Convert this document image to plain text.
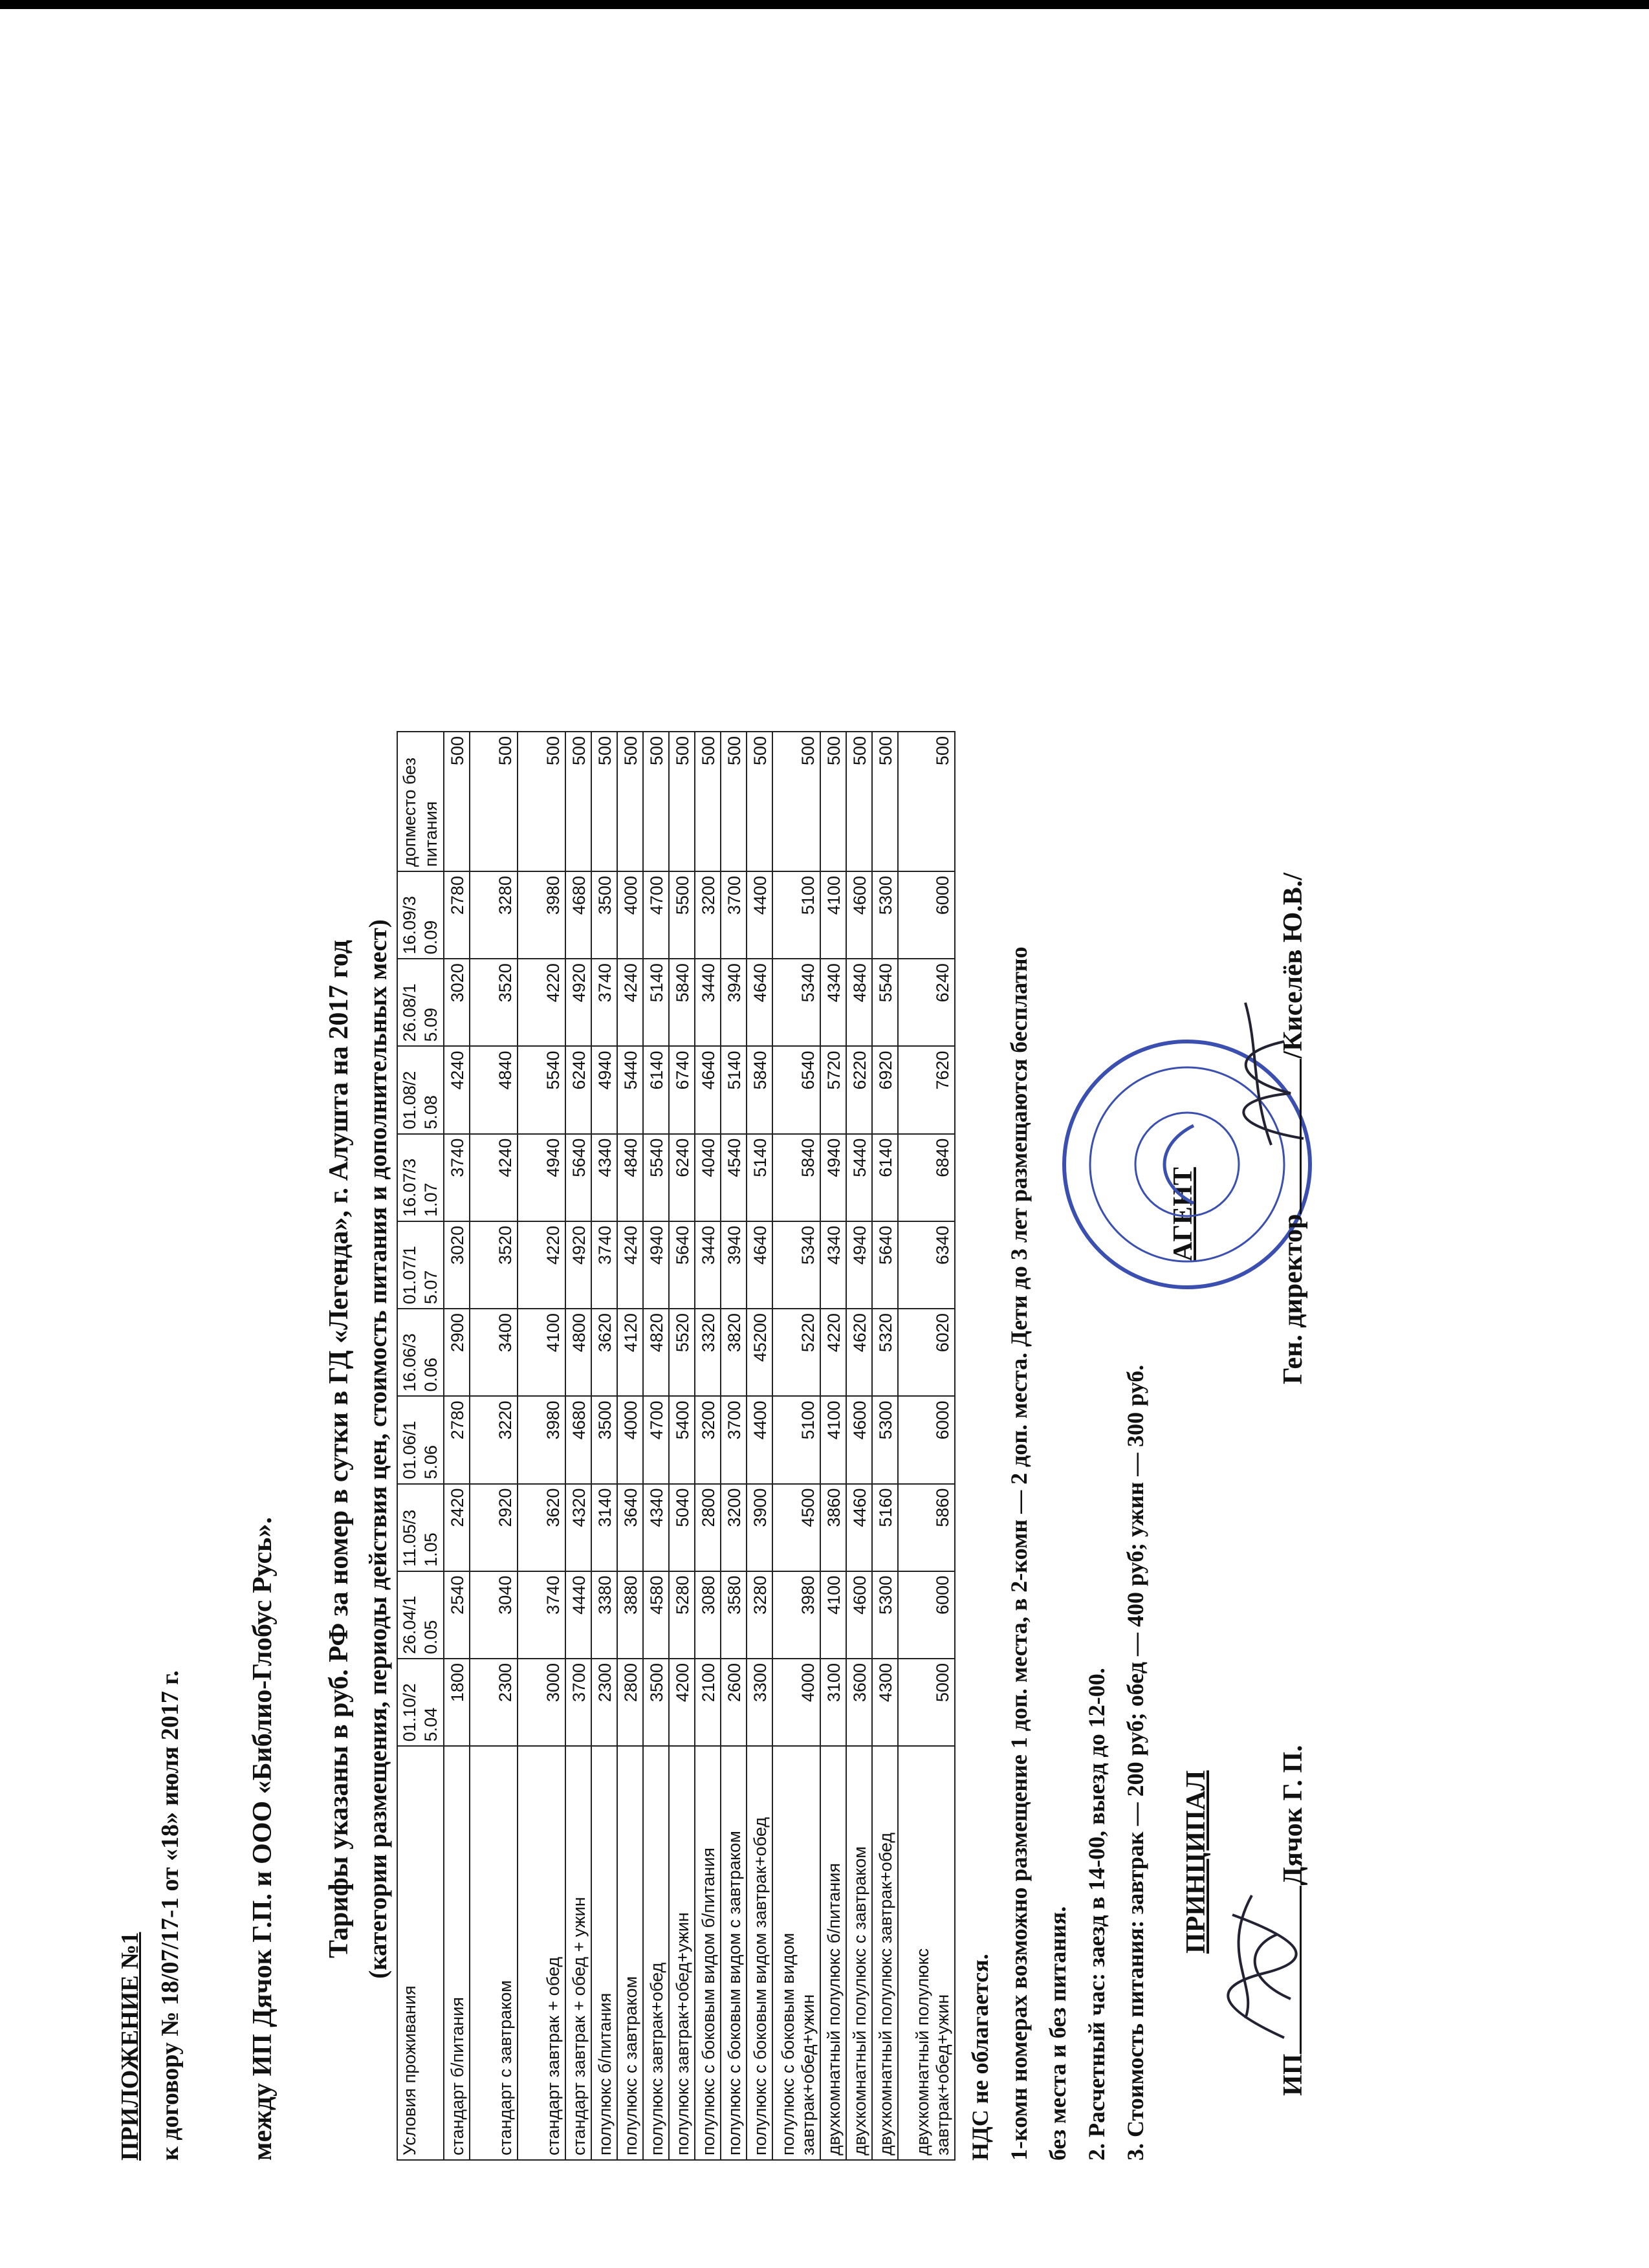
ПРИЛОЖЕНИЕ №1 к договору № 18/07/17-1 от «18» июля 2017 г. между ИП Дячок Г.П. и ООО «Библио-Глобус Русь». Тарифы указаны в руб. РФ за номер в сутки в ГД «Легенда», г. Алушта на 2017 год (категории размещения, периоды действия цен, стоимость питания и дополнительных мест)
Условия проживания	01.10/2 5.04	26.04/1 0.05	11.05/3 1.05	01.06/1 5.06	16.06/3 0.06	01.07/1 5.07	16.07/3 1.07	01.08/2 5.08	26.08/1 5.09	16.09/3 0.09	допместо без питания
стандарт б/питания	1800	2540	2420	2780	2900	3020	3740	4240	3020	2780	500
стандарт с завтраком	2300	3040	2920	3220	3400	3520	4240	4840	3520	3280	500
стандарт завтрак + обед	3000	3740	3620	3980	4100	4220	4940	5540	4220	3980	500
стандарт завтрак + обед + ужин	3700	4440	4320	4680	4800	4920	5640	6240	4920	4680	500
полулюкс б/питания	2300	3380	3140	3500	3620	3740	4340	4940	3740	3500	500
полулюкс с завтраком	2800	3880	3640	4000	4120	4240	4840	5440	4240	4000	500
полулюкс завтрак+обед	3500	4580	4340	4700	4820	4940	5540	6140	5140	4700	500
полулюкс завтрак+обед+ужин	4200	5280	5040	5400	5520	5640	6240	6740	5840	5500	500
полулюкс с боковым видом б/питания	2100	3080	2800	3200	3320	3440	4040	4640	3440	3200	500
полулюкс с боковым видом с завтраком	2600	3580	3200	3700	3820	3940	4540	5140	3940	3700	500
полулюкс с боковым видом завтрак+обед	3300	3280	3900	4400	45200	4640	5140	5840	4640	4400	500
полулюкс с боковым видом
завтрак+обед+ужин	4000	3980	4500	5100	5220	5340	5840	6540	5340	5100	500
двухкомнатный полулюкс б/питания	3100	4100	3860	4100	4220	4340	4940	5720	4340	4100	500
двухкомнатный полулюкс с завтраком	3600	4600	4460	4600	4620	4940	5440	6220	4840	4600	500
двухкомнатный полулюкс завтрак+обед	4300	5300	5160	5300	5320	5640	6140	6920	5540	5300	500
двухкомнатный полулюкс
завтрак+обед+ужин	5000	6000	5860	6000	6020	6340	6840	7620	6240	6000	500
НДС не облагается. 1-комн номерах возможно размещение 1 доп. места, в 2-комн — 2 доп. места. Дети до 3 лет размещаются бесплатно без места и без питания. 2. Расчетный час: заезд в 14-00, выезд до 12-00. 3. Стоимость питания: завтрак — 200 руб; обед — 400 руб; ужин — 300 руб. ПРИНЦИПАЛ
ИПДячок Г. П.
АГЕНТ	Ген. директор/Киселёв Ю.В./
